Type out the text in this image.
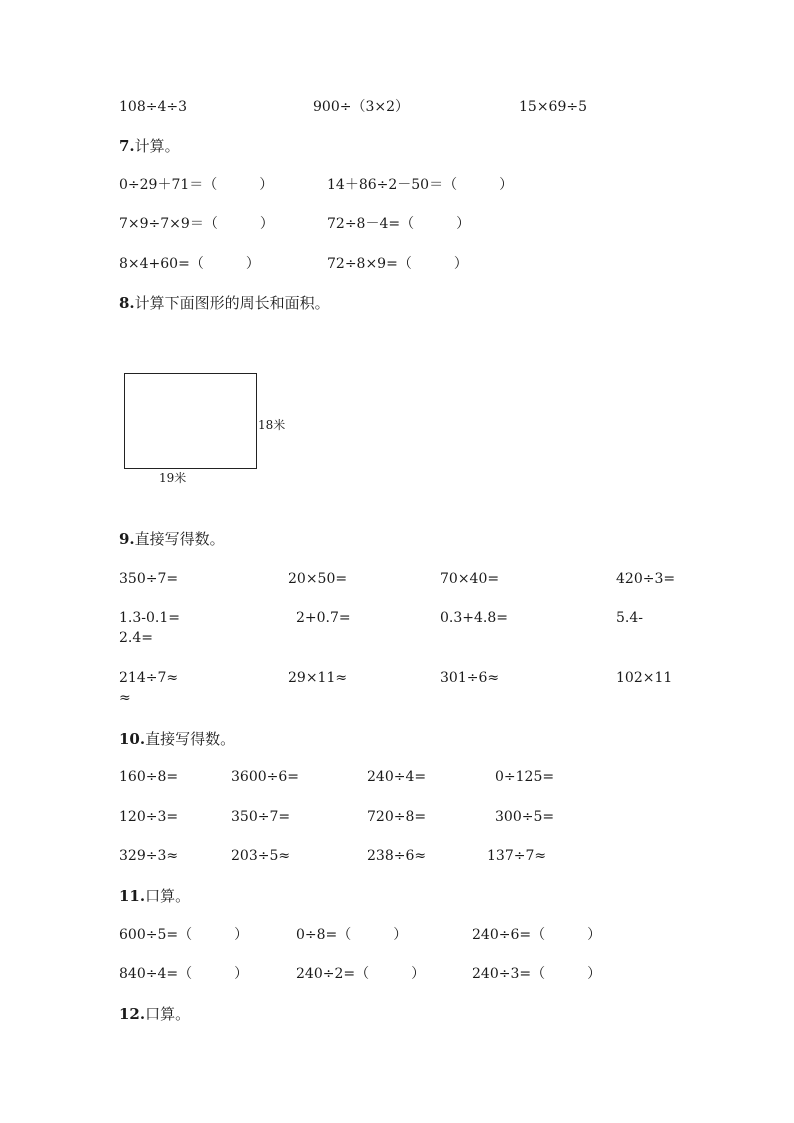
108÷4÷3	900÷（3×2）	15×69÷5
7.计算。
0÷29＋71＝（　　　）	14＋86÷2－50＝（　　　）
7×9÷7×9＝（　　　）	72÷8－4=（　　　）
8×4+60=（　　　）	72÷8×9=（　　　）
8.计算下面图形的周长和面积。
18米
19米
9.直接写得数。
350÷7=	20×50=	70×40=	420÷3=
1.3-0.1=	2+0.7=	0.3+4.8=	5.4-
2.4=
214÷7≈	29×11≈	301÷6≈	102×11
≈
10.直接写得数。
160÷8=	3600÷6=	240÷4=	0÷125=
120÷3=	350÷7=	720÷8=	300÷5=
329÷3≈	203÷5≈	238÷6≈	137÷7≈
11.口算。
600÷5=（　　　）	0÷8=（　　　）	240÷6=（　　　）
840÷4=（　　　）	240÷2=（　　　）	240÷3=（　　　）
12.口算。
